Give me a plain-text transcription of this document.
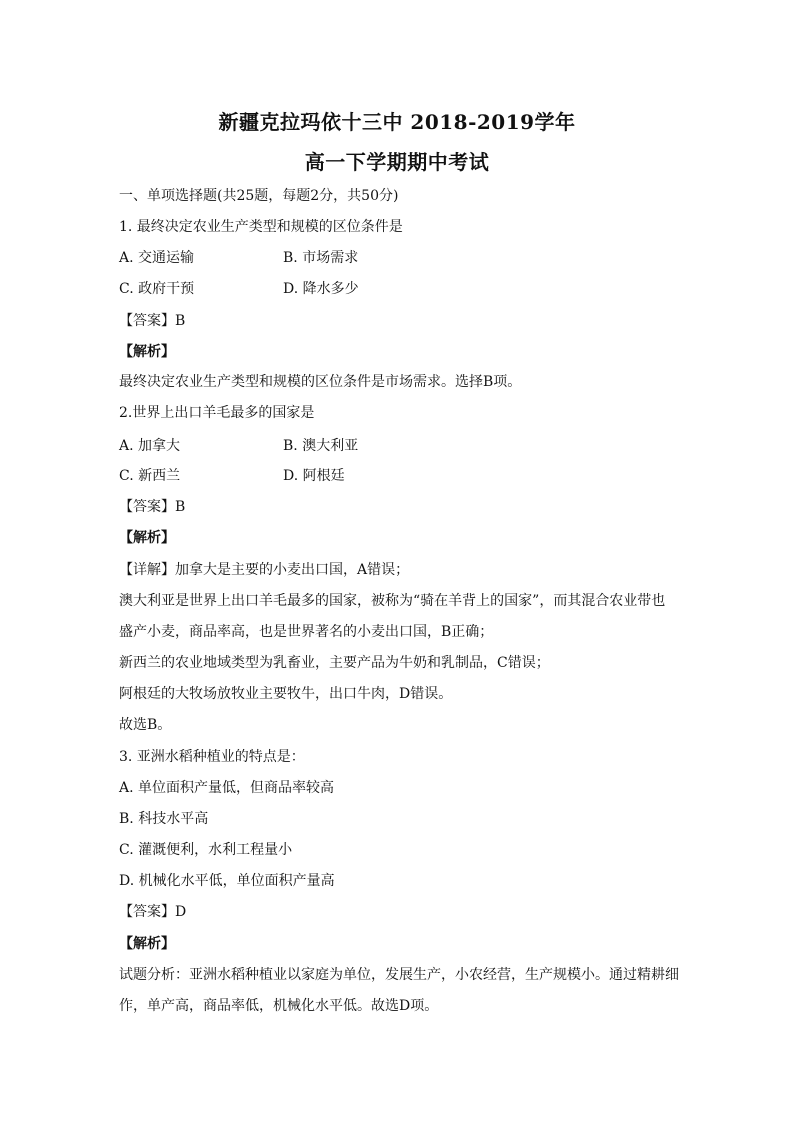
新疆克拉玛依十三中 2018-2019学年
高一下学期期中考试
一、单项选择题(共25题，每题2分，共50分)
1. 最终决定农业生产类型和规模的区位条件是
A. 交通运输	B. 市场需求
C. 政府干预	D. 降水多少
【答案】B
【解析】
最终决定农业生产类型和规模的区位条件是市场需求。选择B项。
2.世界上出口羊毛最多的国家是
A. 加拿大	B. 澳大利亚
C. 新西兰	D. 阿根廷
【答案】B
【解析】
【详解】加拿大是主要的小麦出口国，A错误；
澳大利亚是世界上出口羊毛最多的国家，被称为“骑在羊背上的国家”，而其混合农业带也
盛产小麦，商品率高，也是世界著名的小麦出口国，B正确；
新西兰的农业地域类型为乳畜业，主要产品为牛奶和乳制品，C错误；
阿根廷的大牧场放牧业主要牧牛，出口牛肉，D错误。
故选B。
3. 亚洲水稻种植业的特点是：
A. 单位面积产量低，但商品率较高
B. 科技水平高
C. 灌溉便利，水利工程量小
D. 机械化水平低，单位面积产量高
【答案】D
【解析】
试题分析：亚洲水稻种植业以家庭为单位，发展生产，小农经营，生产规模小。通过精耕细
作，单产高，商品率低，机械化水平低。故选D项。
